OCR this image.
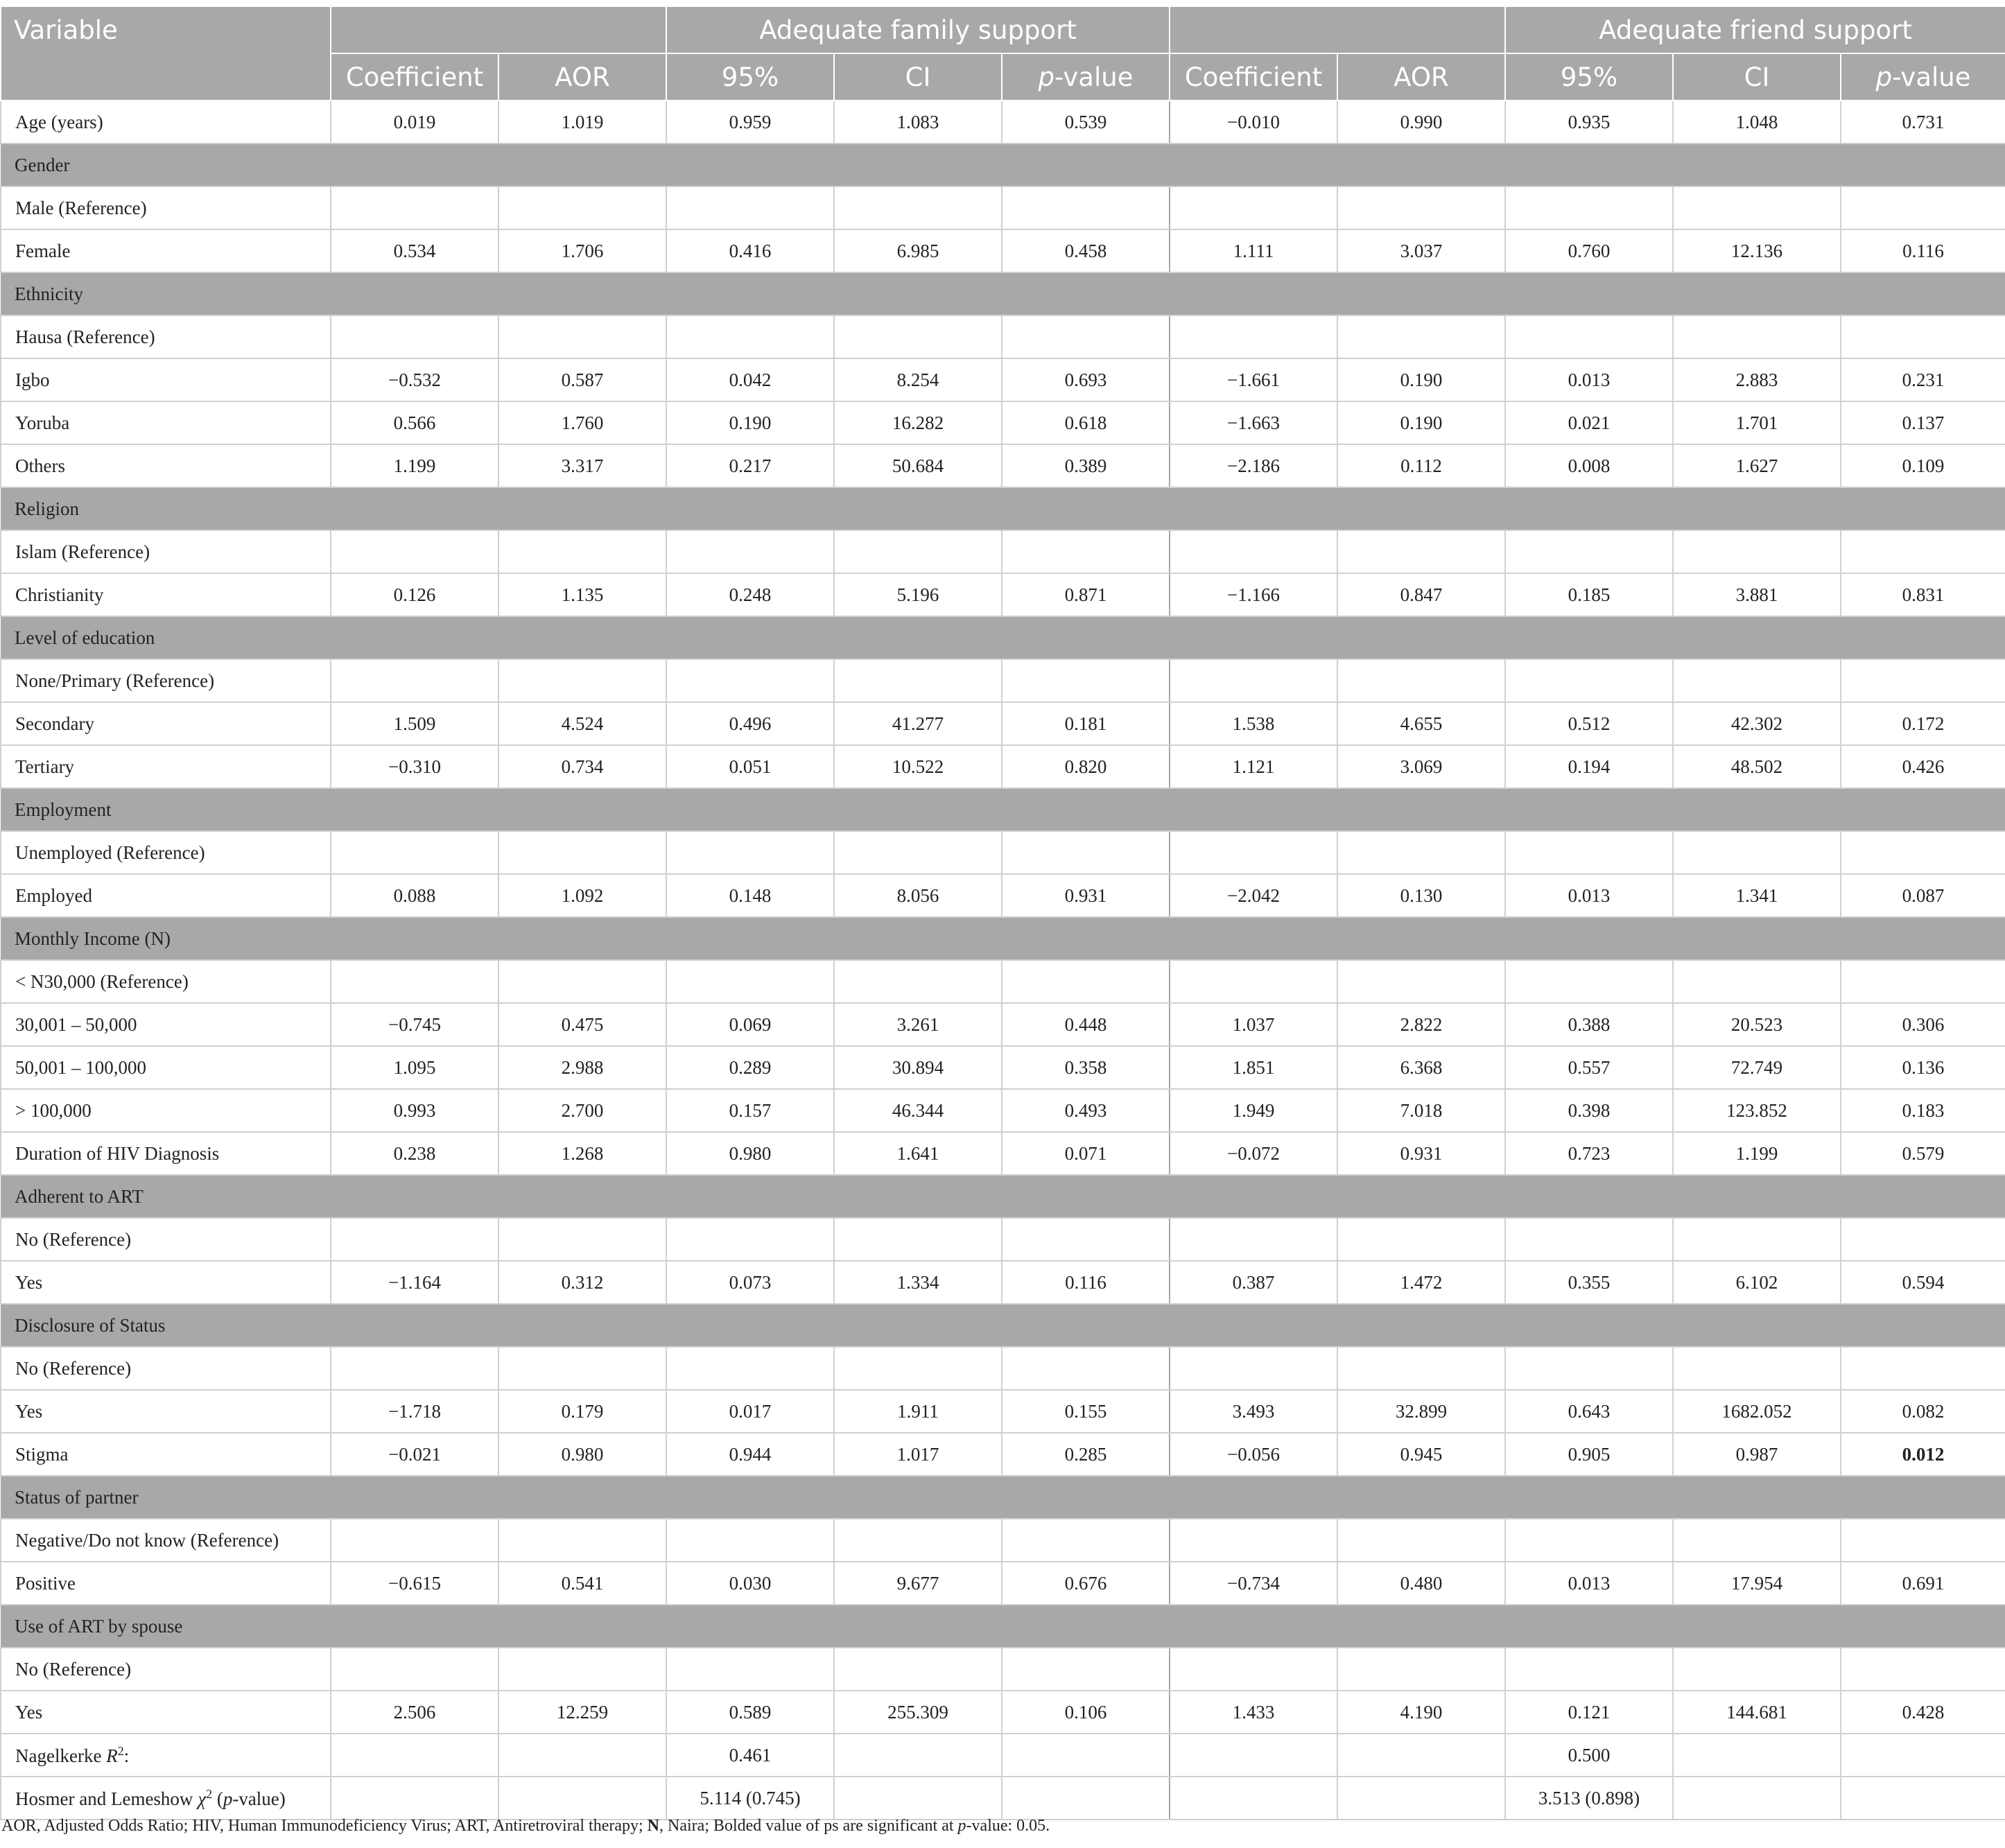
Variable			Adequate family support					Adequate friend support		
	Coefficient	AOR	95%	CI	p-value	Coefficient	AOR	95%	CI	p-value
Age (years)	0.019	1.019	0.959	1.083	0.539	−0.010	0.990	0.935	1.048	0.731
Gender										
Male (Reference)										
Female	0.534	1.706	0.416	6.985	0.458	1.111	3.037	0.760	12.136	0.116
Ethnicity										
Hausa (Reference)										
Igbo	−0.532	0.587	0.042	8.254	0.693	−1.661	0.190	0.013	2.883	0.231
Yoruba	0.566	1.760	0.190	16.282	0.618	−1.663	0.190	0.021	1.701	0.137
Others	1.199	3.317	0.217	50.684	0.389	−2.186	0.112	0.008	1.627	0.109
Religion										
Islam (Reference)										
Christianity	0.126	1.135	0.248	5.196	0.871	−1.166	0.847	0.185	3.881	0.831
Level of education										
None/Primary (Reference)										
Secondary	1.509	4.524	0.496	41.277	0.181	1.538	4.655	0.512	42.302	0.172
Tertiary	−0.310	0.734	0.051	10.522	0.820	1.121	3.069	0.194	48.502	0.426
Employment										
Unemployed (Reference)										
Employed	0.088	1.092	0.148	8.056	0.931	−2.042	0.130	0.013	1.341	0.087
Monthly Income (N)										
< N30,000 (Reference)										
30,001 – 50,000	−0.745	0.475	0.069	3.261	0.448	1.037	2.822	0.388	20.523	0.306
50,001 – 100,000	1.095	2.988	0.289	30.894	0.358	1.851	6.368	0.557	72.749	0.136
> 100,000	0.993	2.700	0.157	46.344	0.493	1.949	7.018	0.398	123.852	0.183
Duration of HIV Diagnosis	0.238	1.268	0.980	1.641	0.071	−0.072	0.931	0.723	1.199	0.579
Adherent to ART										
No (Reference)										
Yes	−1.164	0.312	0.073	1.334	0.116	0.387	1.472	0.355	6.102	0.594
Disclosure of Status										
No (Reference)										
Yes	−1.718	0.179	0.017	1.911	0.155	3.493	32.899	0.643	1682.052	0.082
Stigma	−0.021	0.980	0.944	1.017	0.285	−0.056	0.945	0.905	0.987	0.012
Status of partner										
Negative/Do not know (Reference)										
Positive	−0.615	0.541	0.030	9.677	0.676	−0.734	0.480	0.013	17.954	0.691
Use of ART by spouse										
No (Reference)										
Yes	2.506	12.259	0.589	255.309	0.106	1.433	4.190	0.121	144.681	0.428
Nagelkerke $R^2$:			0.461					0.500		
Hosmer and Lemeshow $\chi^2$ (p-value)			5.114 (0.745)					3.513 (0.898)		
AOR, Adjusted Odds Ratio; HIV, Human Immunodeficiency Virus; ART, Antiretroviral therapy; N, Naira; Bolded value of ps are significant at p-value: 0.05.
